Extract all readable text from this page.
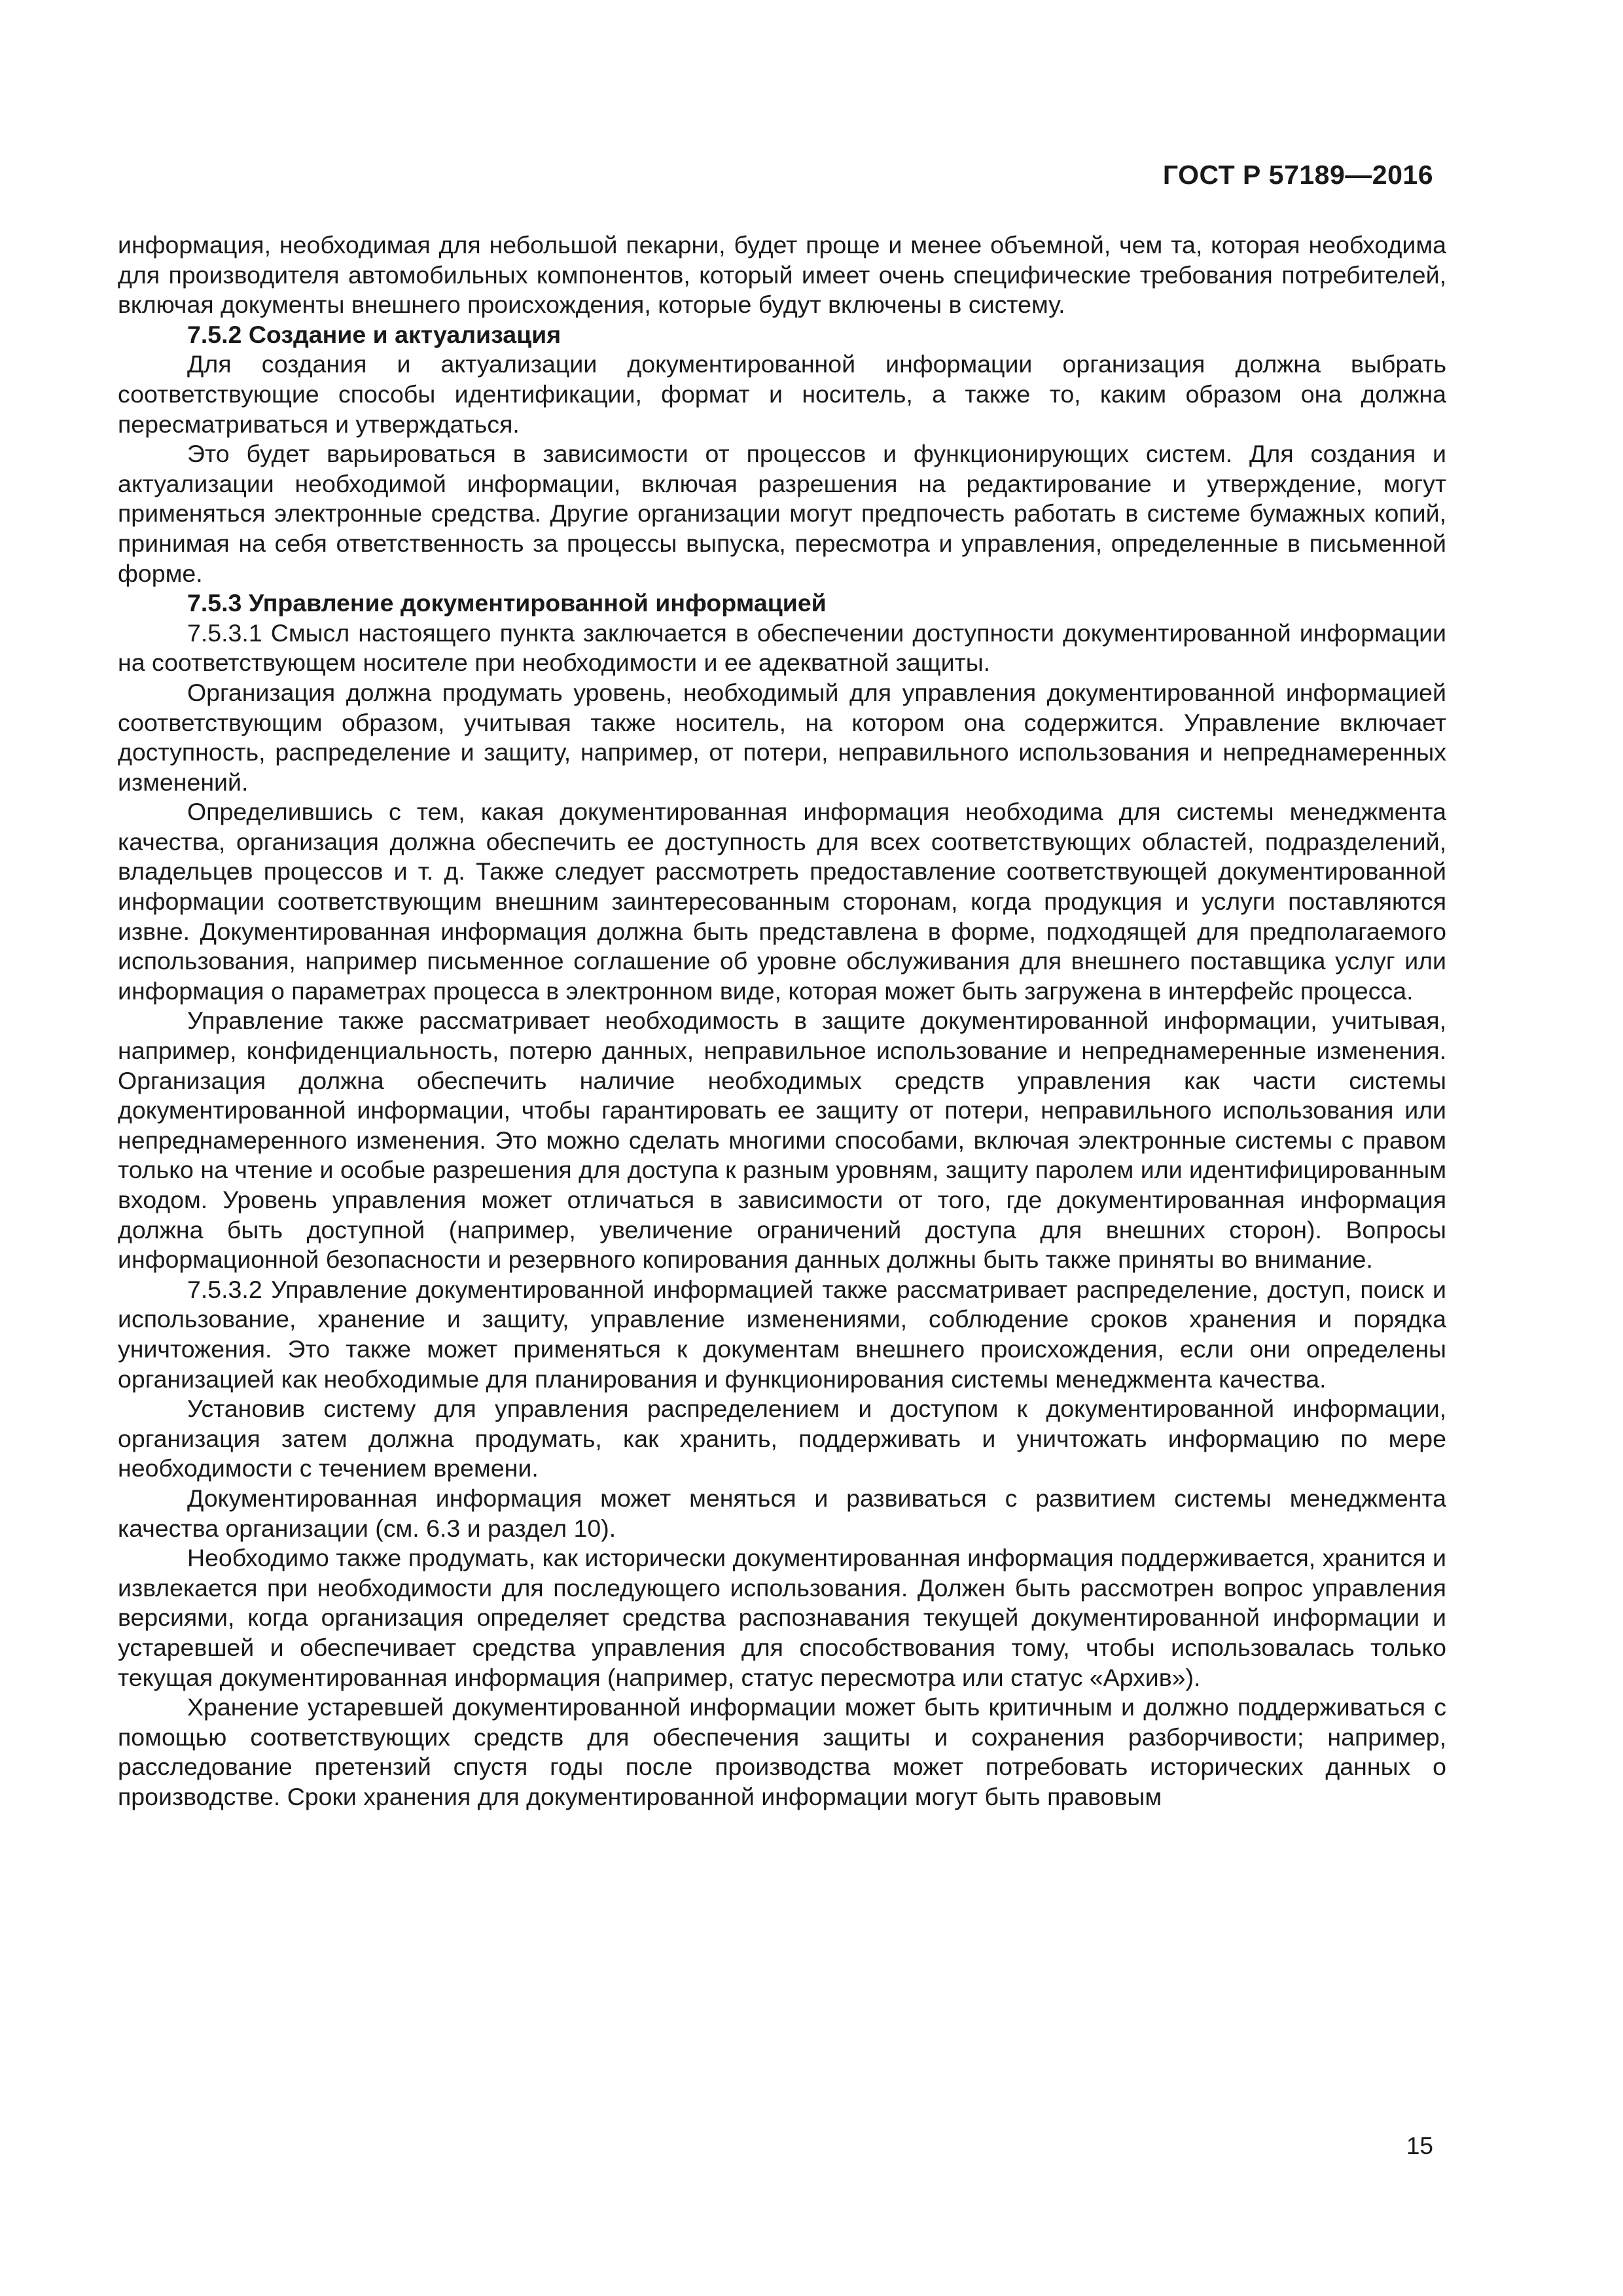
ГОСТ Р 57189—2016

информация, необходимая для небольшой пекарни, будет проще и менее объемной, чем та, которая необходима для производителя автомобильных компонентов, который имеет очень специфические требования потребителей, включая документы внешнего происхождения, которые будут включены в систему.

7.5.2 Создание и актуализация

Для создания и актуализации документированной информации организация должна выбрать соответствующие способы идентификации, формат и носитель, а также то, каким образом она должна пересматриваться и утверждаться.

Это будет варьироваться в зависимости от процессов и функционирующих систем. Для создания и актуализации необходимой информации, включая разрешения на редактирование и утверждение, могут применяться электронные средства. Другие организации могут предпочесть работать в системе бумажных копий, принимая на себя ответственность за процессы выпуска, пересмотра и управления, определенные в письменной форме.

7.5.3 Управление документированной информацией

7.5.3.1 Смысл настоящего пункта заключается в обеспечении доступности документированной информации на соответствующем носителе при необходимости и ее адекватной защиты.

Организация должна продумать уровень, необходимый для управления документированной информацией соответствующим образом, учитывая также носитель, на котором она содержится. Управление включает доступность, распределение и защиту, например, от потери, неправильного использования и непреднамеренных изменений.

Определившись с тем, какая документированная информация необходима для системы менеджмента качества, организация должна обеспечить ее доступность для всех соответствующих областей, подразделений, владельцев процессов и т. д. Также следует рассмотреть предоставление соответствующей документированной информации соответствующим внешним заинтересованным сторонам, когда продукция и услуги поставляются извне. Документированная информация должна быть представлена в форме, подходящей для предполагаемого использования, например письменное соглашение об уровне обслуживания для внешнего поставщика услуг или информация о параметрах процесса в электронном виде, которая может быть загружена в интерфейс процесса.

Управление также рассматривает необходимость в защите документированной информации, учитывая, например, конфиденциальность, потерю данных, неправильное использование и непреднамеренные изменения. Организация должна обеспечить наличие необходимых средств управления как части системы документированной информации, чтобы гарантировать ее защиту от потери, неправильного использования или непреднамеренного изменения. Это можно сделать многими способами, включая электронные системы с правом только на чтение и особые разрешения для доступа к разным уровням, защиту паролем или идентифицированным входом. Уровень управления может отличаться в зависимости от того, где документированная информация должна быть доступной (например, увеличение ограничений доступа для внешних сторон). Вопросы информационной безопасности и резервного копирования данных должны быть также приняты во внимание.

7.5.3.2 Управление документированной информацией также рассматривает распределение, доступ, поиск и использование, хранение и защиту, управление изменениями, соблюдение сроков хранения и порядка уничтожения. Это также может применяться к документам внешнего происхождения, если они определены организацией как необходимые для планирования и функционирования системы менеджмента качества.

Установив систему для управления распределением и доступом к документированной информации, организация затем должна продумать, как хранить, поддерживать и уничтожать информацию по мере необходимости с течением времени.

Документированная информация может меняться и развиваться с развитием системы менеджмента качества организации (см. 6.3 и раздел 10).

Необходимо также продумать, как исторически документированная информация поддерживается, хранится и извлекается при необходимости для последующего использования. Должен быть рассмотрен вопрос управления версиями, когда организация определяет средства распознавания текущей документированной информации и устаревшей и обеспечивает средства управления для способствования тому, чтобы использовалась только текущая документированная информация (например, статус пересмотра или статус «Архив»).

Хранение устаревшей документированной информации может быть критичным и должно поддерживаться с помощью соответствующих средств для обеспечения защиты и сохранения разборчивости; например, расследование претензий спустя годы после производства может потребовать исторических данных о производстве. Сроки хранения для документированной информации могут быть правовым

15
